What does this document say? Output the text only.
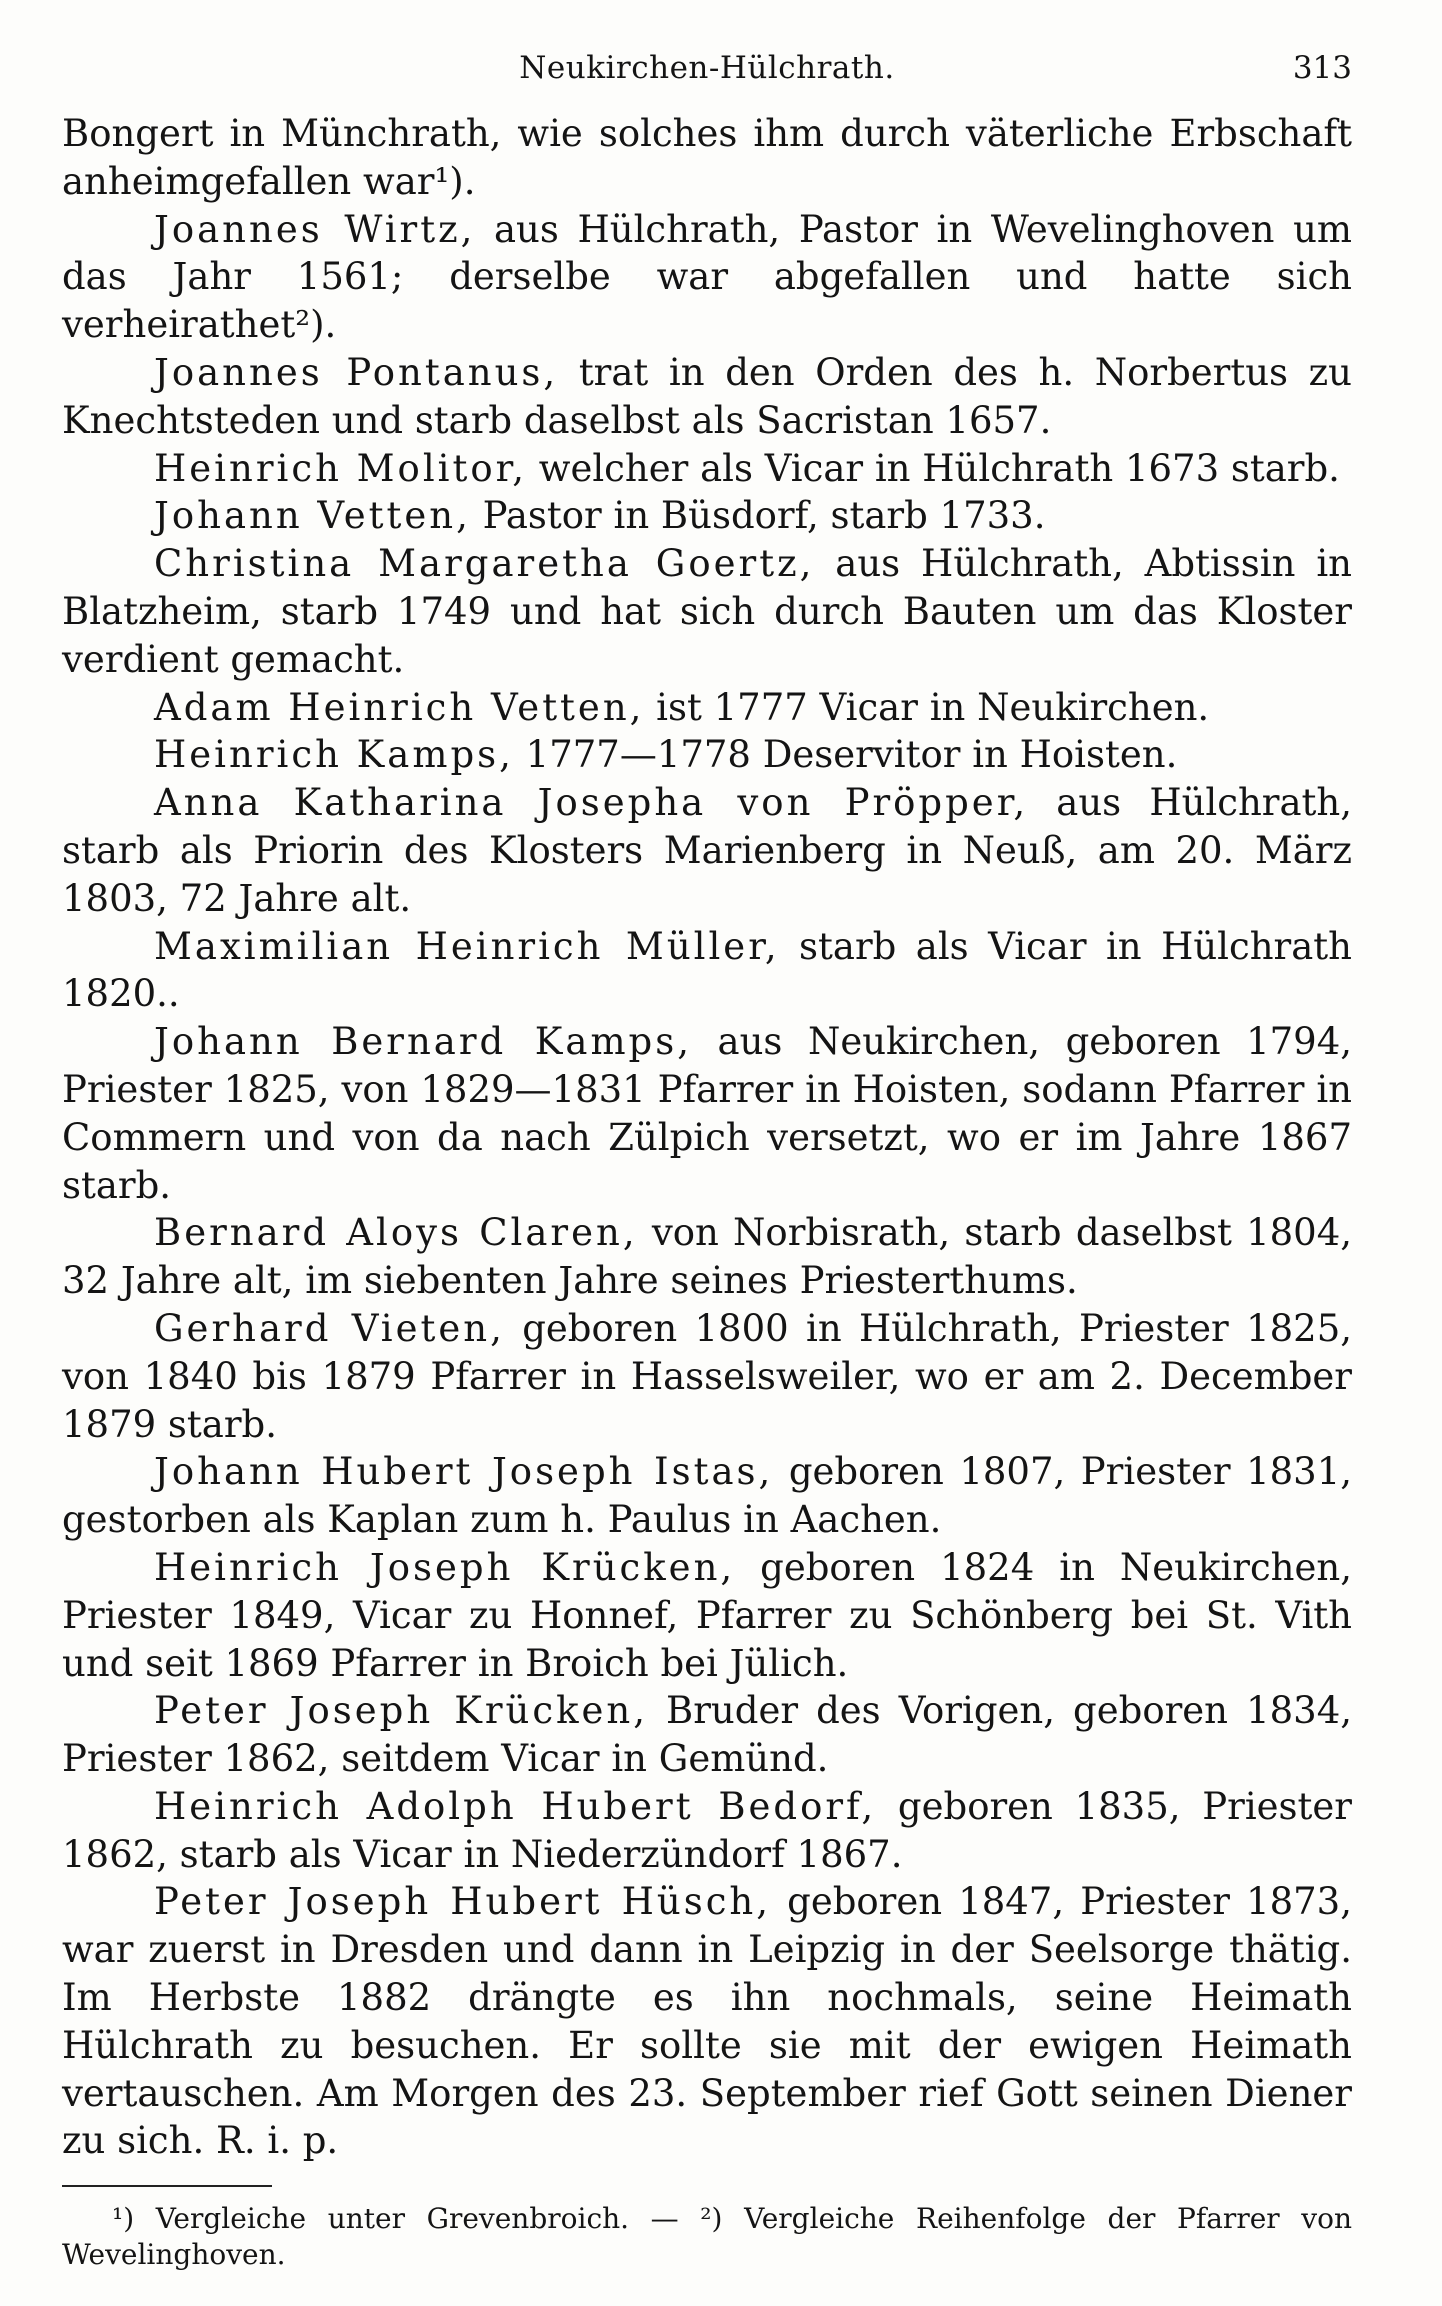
Neukirchen-Hülchrath.	313

Bongert in Münchrath, wie solches ihm durch väterliche Erbschaft anheimgefallen war¹).

Joannes Wirtz, aus Hülchrath, Pastor in Wevelinghoven um das Jahr 1561; derselbe war abgefallen und hatte sich verheirathet²).

Joannes Pontanus, trat in den Orden des h. Norbertus zu Knechtsteden und starb daselbst als Sacristan 1657.

Heinrich Molitor, welcher als Vicar in Hülchrath 1673 starb.

Johann Vetten, Pastor in Büsdorf, starb 1733.

Christina Margaretha Goertz, aus Hülchrath, Abtissin in Blatzheim, starb 1749 und hat sich durch Bauten um das Kloster verdient gemacht.

Adam Heinrich Vetten, ist 1777 Vicar in Neukirchen.

Heinrich Kamps, 1777—1778 Deservitor in Hoisten.

Anna Katharina Josepha von Pröpper, aus Hülchrath, starb als Priorin des Klosters Marienberg in Neuß, am 20. März 1803, 72 Jahre alt.

Maximilian Heinrich Müller, starb als Vicar in Hülchrath 1820..

Johann Bernard Kamps, aus Neukirchen, geboren 1794, Priester 1825, von 1829—1831 Pfarrer in Hoisten, sodann Pfarrer in Commern und von da nach Zülpich versetzt, wo er im Jahre 1867 starb.

Bernard Aloys Claren, von Norbisrath, starb daselbst 1804, 32 Jahre alt, im siebenten Jahre seines Priesterthums.

Gerhard Vieten, geboren 1800 in Hülchrath, Priester 1825, von 1840 bis 1879 Pfarrer in Hasselsweiler, wo er am 2. December 1879 starb.

Johann Hubert Joseph Istas, geboren 1807, Priester 1831, gestorben als Kaplan zum h. Paulus in Aachen.

Heinrich Joseph Krücken, geboren 1824 in Neukirchen, Priester 1849, Vicar zu Honnef, Pfarrer zu Schönberg bei St. Vith und seit 1869 Pfarrer in Broich bei Jülich.

Peter Joseph Krücken, Bruder des Vorigen, geboren 1834, Priester 1862, seitdem Vicar in Gemünd.

Heinrich Adolph Hubert Bedorf, geboren 1835, Priester 1862, starb als Vicar in Niederzündorf 1867.

Peter Joseph Hubert Hüsch, geboren 1847, Priester 1873, war zuerst in Dresden und dann in Leipzig in der Seelsorge thätig. Im Herbste 1882 drängte es ihn nochmals, seine Heimath Hülchrath zu besuchen. Er sollte sie mit der ewigen Heimath vertauschen. Am Morgen des 23. September rief Gott seinen Diener zu sich. R. i. p.

¹) Vergleiche unter Grevenbroich. — ²) Vergleiche Reihenfolge der Pfarrer von Wevelinghoven.
